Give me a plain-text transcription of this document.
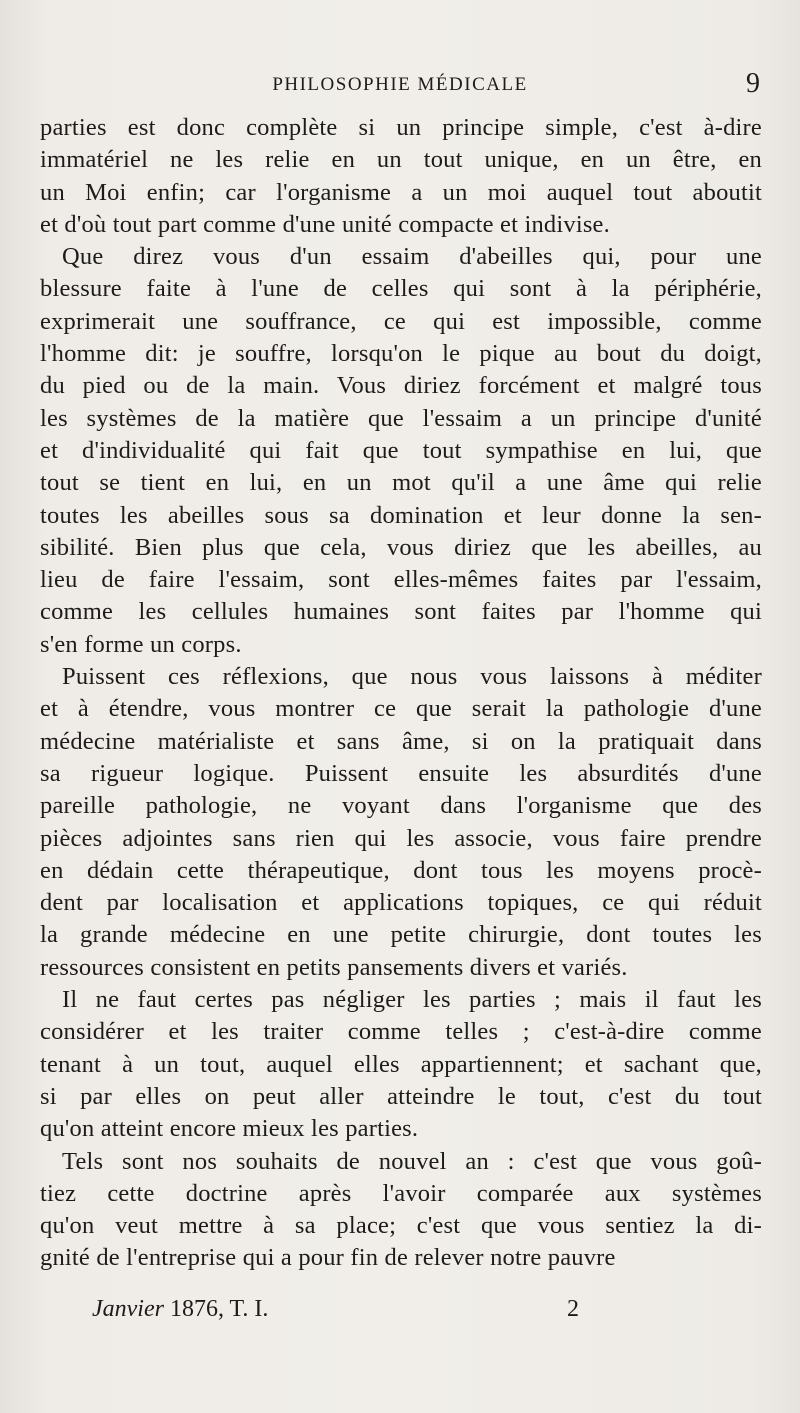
PHILOSOPHIE MÉDICALE	9
parties est donc complète si un principe simple, c'est à-dire
immatériel ne les relie en un tout unique, en un être, en
un Moi enfin; car l'organisme a un moi auquel tout aboutit
et d'où tout part comme d'une unité compacte et indivise.
Que direz vous d'un essaim d'abeilles qui, pour une
blessure faite à l'une de celles qui sont à la périphérie,
exprimerait une souffrance, ce qui est impossible, comme
l'homme dit: je souffre, lorsqu'on le pique au bout du doigt,
du pied ou de la main. Vous diriez forcément et malgré tous
les systèmes de la matière que l'essaim a un principe d'unité
et d'individualité qui fait que tout sympathise en lui, que
tout se tient en lui, en un mot qu'il a une âme qui relie
toutes les abeilles sous sa domination et leur donne la sen-
sibilité. Bien plus que cela, vous diriez que les abeilles, au
lieu de faire l'essaim, sont elles-mêmes faites par l'essaim,
comme les cellules humaines sont faites par l'homme qui
s'en forme un corps.
Puissent ces réflexions, que nous vous laissons à méditer
et à étendre, vous montrer ce que serait la pathologie d'une
médecine matérialiste et sans âme, si on la pratiquait dans
sa rigueur logique. Puissent ensuite les absurdités d'une
pareille pathologie, ne voyant dans l'organisme que des
pièces adjointes sans rien qui les associe, vous faire prendre
en dédain cette thérapeutique, dont tous les moyens procè-
dent par localisation et applications topiques, ce qui réduit
la grande médecine en une petite chirurgie, dont toutes les
ressources consistent en petits pansements divers et variés.
Il ne faut certes pas négliger les parties ; mais il faut les
considérer et les traiter comme telles ; c'est-à-dire comme
tenant à un tout, auquel elles appartiennent; et sachant que,
si par elles on peut aller atteindre le tout, c'est du tout
qu'on atteint encore mieux les parties.
Tels sont nos souhaits de nouvel an : c'est que vous goû-
tiez cette doctrine après l'avoir comparée aux systèmes
qu'on veut mettre à sa place; c'est que vous sentiez la di-
gnité de l'entreprise qui a pour fin de relever notre pauvre
Janvier 1876, T. I.	2
